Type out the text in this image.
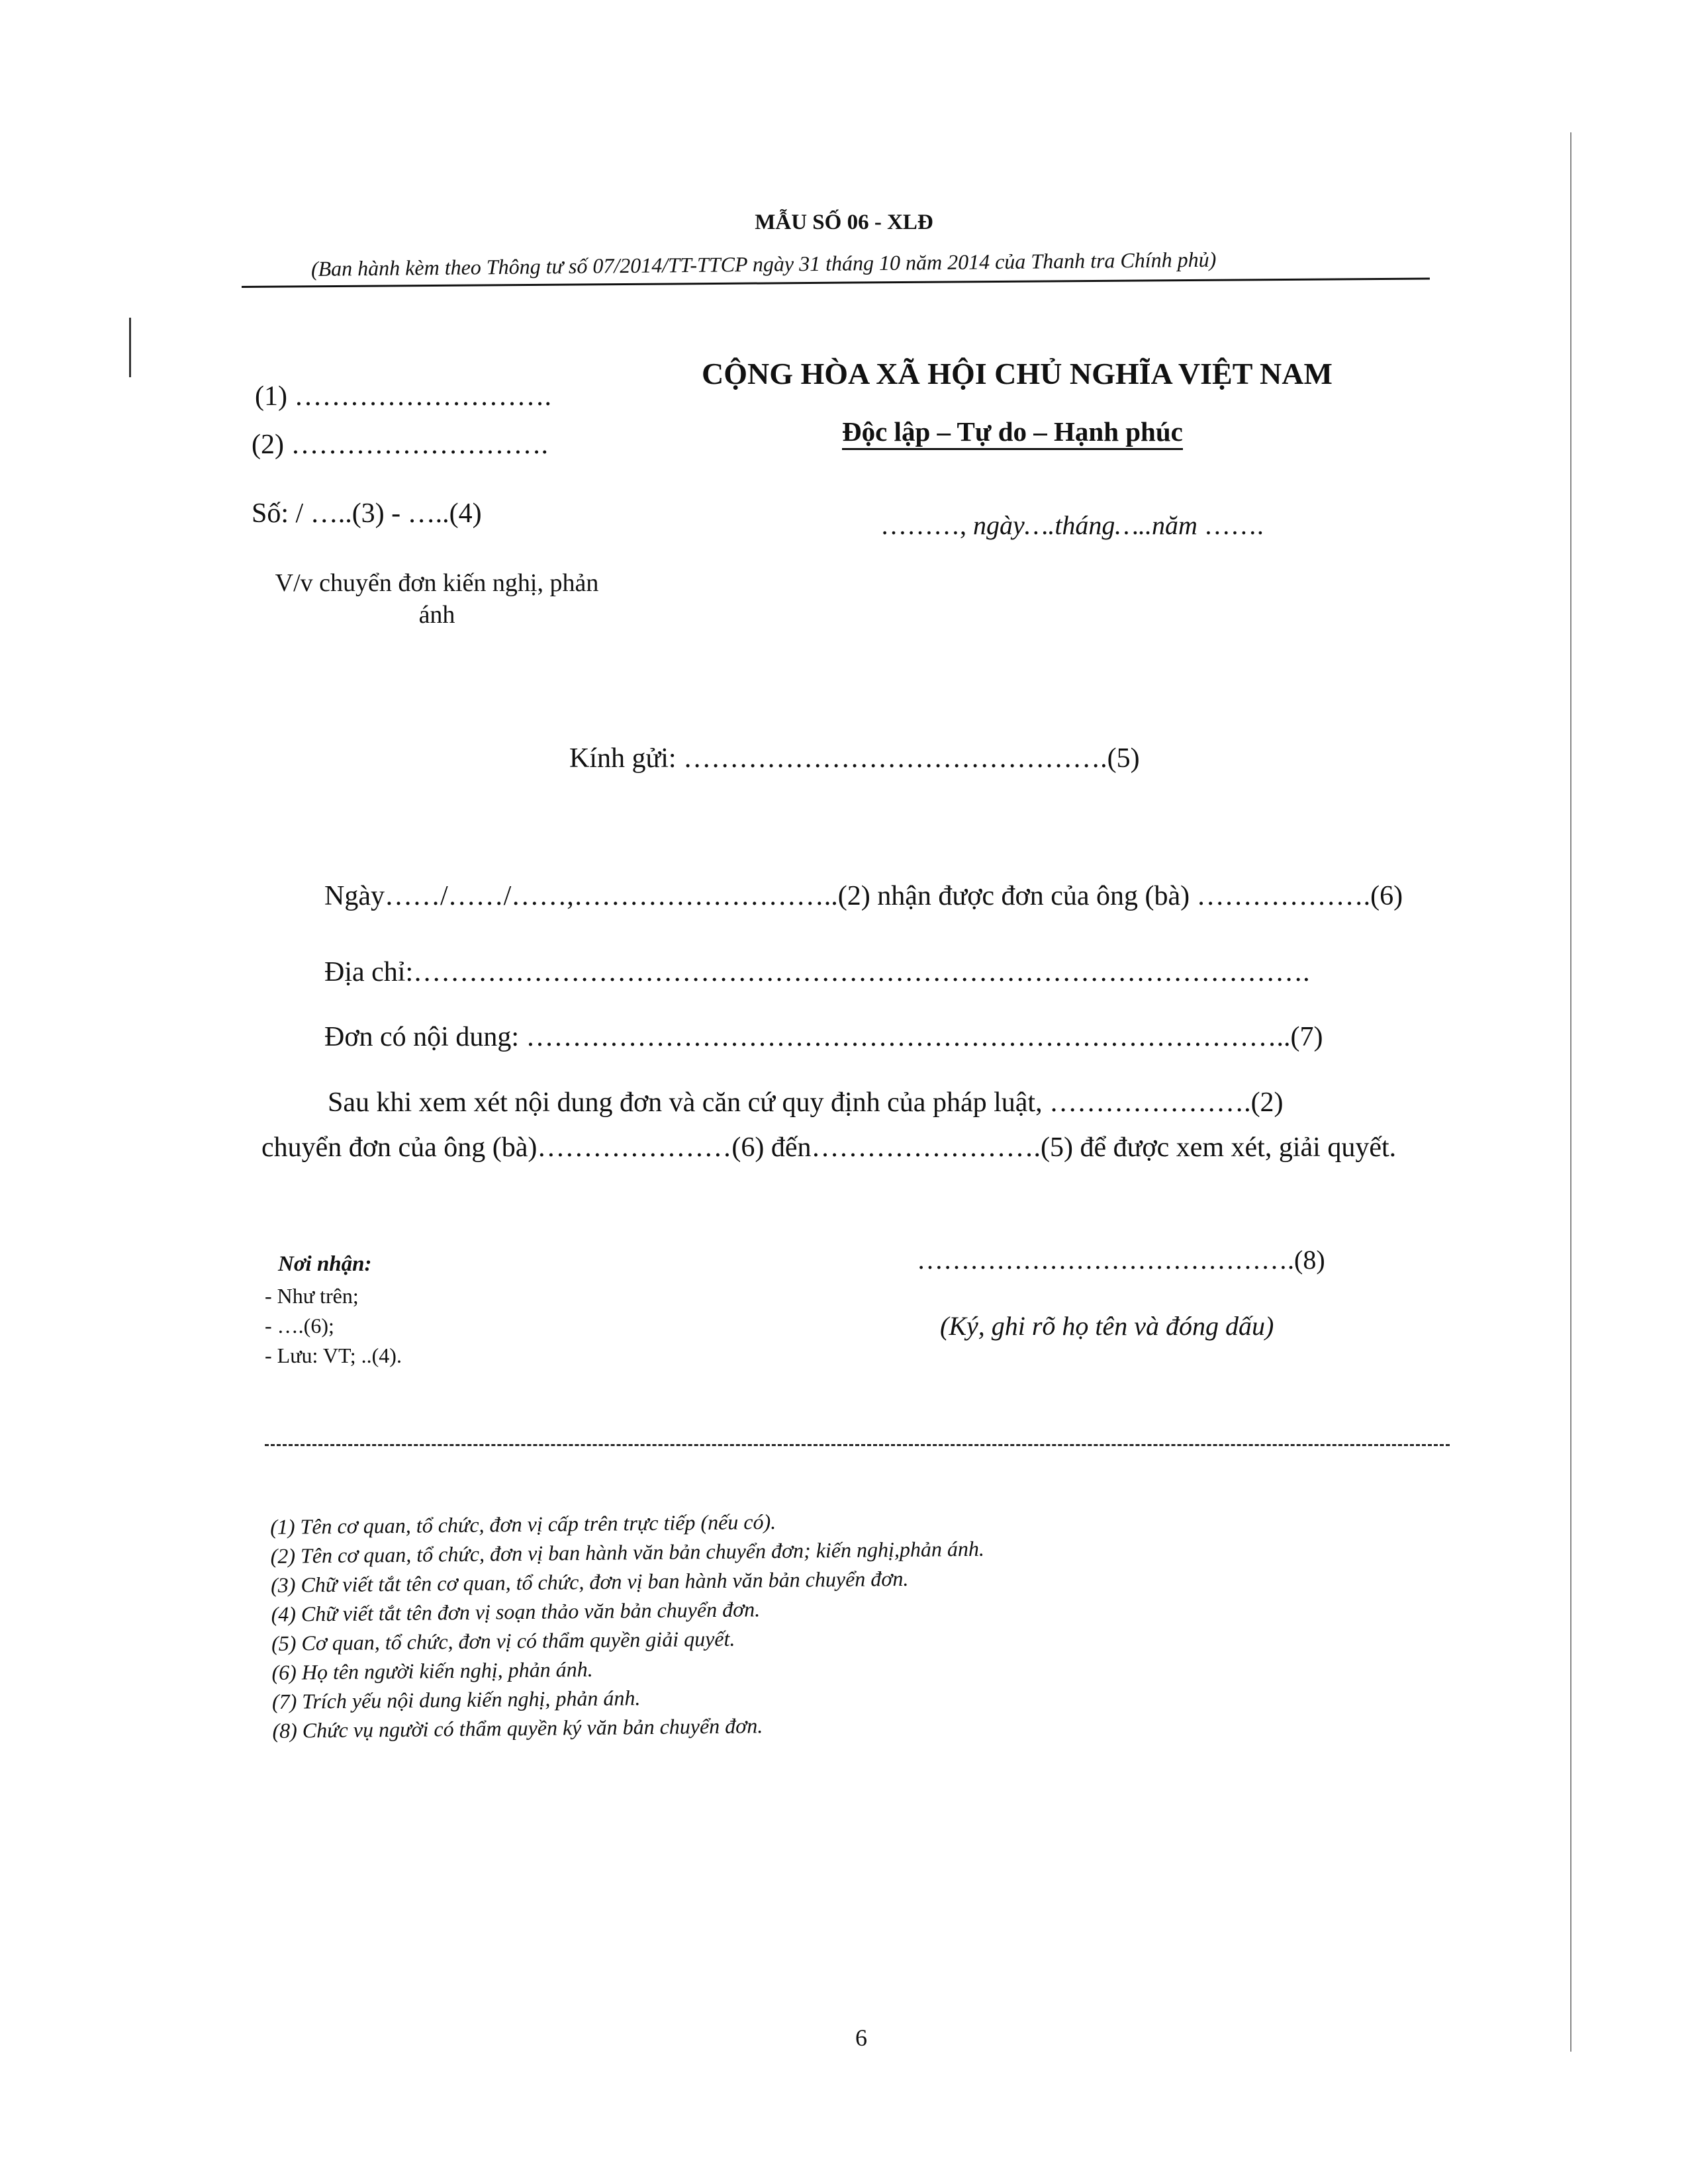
MẪU SỐ 06 - XLĐ
(Ban hành kèm theo Thông tư số 07/2014/TT-TTCP ngày 31 tháng 10 năm 2014 của Thanh tra Chính phủ)
(1) ……………………….
(2) ……………………….
Số: / …..(3) - …..(4)
V/v chuyển đơn kiến nghị, phản ánh
CỘNG HÒA XÃ HỘI CHỦ NGHĨA VIỆT NAM
Độc lập – Tự do – Hạnh phúc
………, ngày….tháng…..năm …….
Kính gửi: ……………………………………….(5)
Ngày……/……/……,………………………..(2) nhận được đơn của ông (bà) ……………….(6)
Địa chỉ:…………………………………………………………………………………….
Đơn có nội dung: ………………………………………………………………………..(7)
Sau khi xem xét nội dung đơn và căn cứ quy định của pháp luật, ………………….(2)
chuyển đơn của ông (bà)…………………(6) đến…………………….(5) để được xem xét, giải quyết.
Nơi nhận:
- Như trên;
- ….(6);
- Lưu: VT; ..(4).
…………………………………….(8)
(Ký, ghi rõ họ tên và đóng dấu)
(1) Tên cơ quan, tổ chức, đơn vị cấp trên trực tiếp (nếu có).
(2) Tên cơ quan, tổ chức, đơn vị ban hành văn bản chuyển đơn; kiến nghị,phản ánh.
(3) Chữ viết tắt tên cơ quan, tổ chức, đơn vị ban hành văn bản chuyển đơn.
(4) Chữ viết tắt tên đơn vị soạn thảo văn bản chuyển đơn.
(5) Cơ quan, tổ chức, đơn vị có thẩm quyền giải quyết.
(6) Họ tên người kiến nghị, phản ánh.
(7) Trích yếu nội dung kiến nghị, phản ánh.
(8) Chức vụ người có thẩm quyền ký văn bản chuyển đơn.
6
